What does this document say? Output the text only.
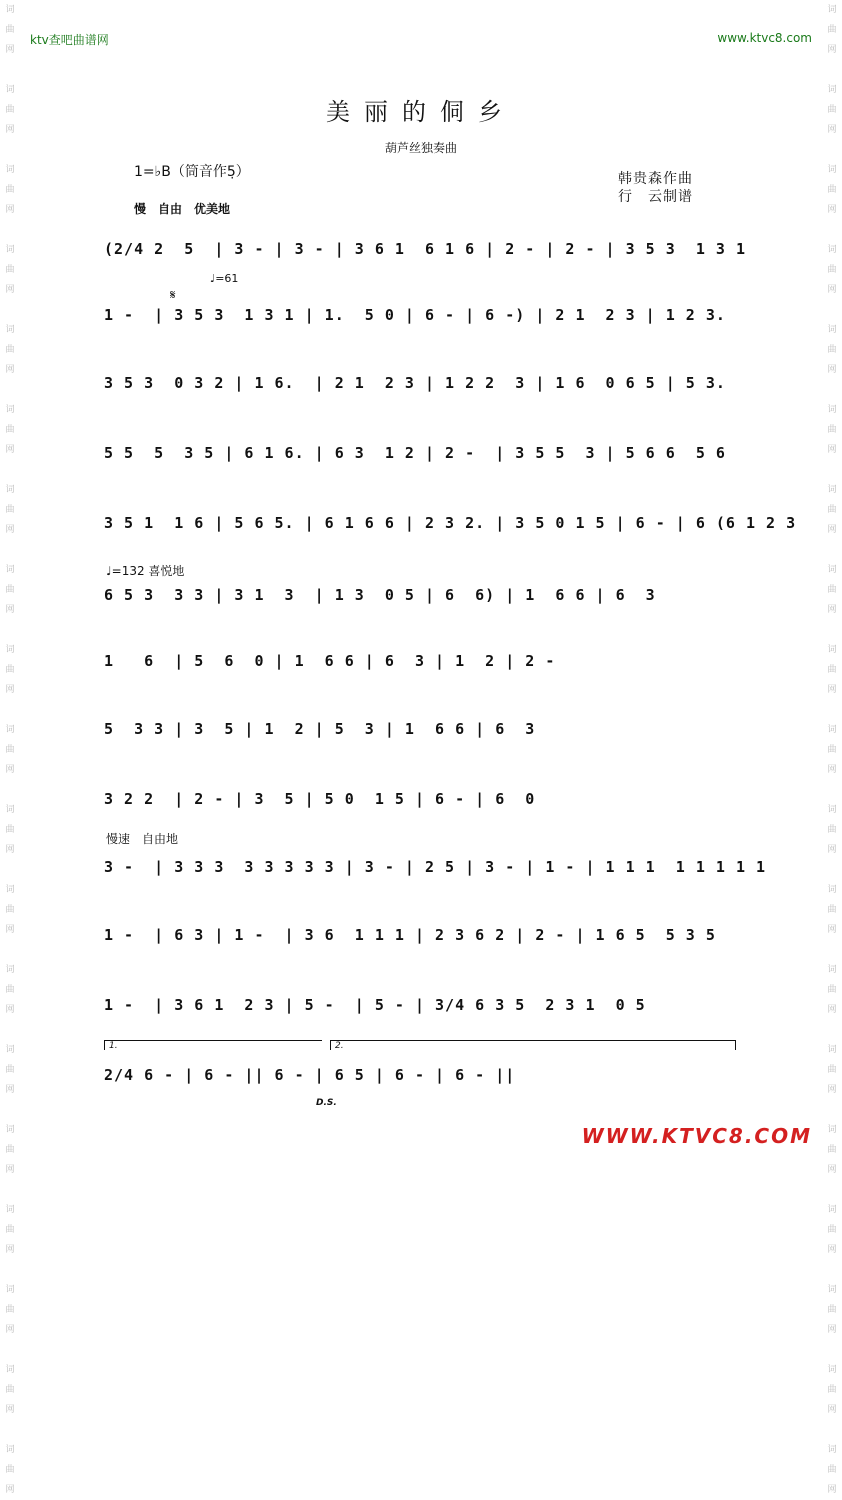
词
曲
网

词
曲
网

词
曲
网

词
曲
网

词
曲
网

词
曲
网

词
曲
网

词
曲
网

词
曲
网

词
曲
网

词
曲
网

词
曲
网

词
曲
网

词
曲
网

词
曲
网

词
曲
网

词
曲
网

词
曲
网

词
曲
网
词
曲
网

词
曲
网

词
曲
网

词
曲
网

词
曲
网

词
曲
网

词
曲
网

词
曲
网

词
曲
网

词
曲
网

词
曲
网

词
曲
网

词
曲
网

词
曲
网

词
曲
网

词
曲
网

词
曲
网

词
曲
网

词
曲
网
ktv查吧曲谱网	www.ktvc8.com
美丽的侗乡
葫芦丝独奏曲
1=♭B（筒音作5̣）	韩贵森作曲
行　云制谱
慢　自由　优美地
♩=61
𝄋
♩=132 喜悦地
慢速　自由地
(2/4 2  5  | 3 - | 3 - | 3 6 1  6 1 6 | 2 - | 2 - | 3 5 3  1 3 1
1 -  | 3 5 3  1 3 1 | 1.  5 0 | 6 - | 6 -) | 2 1  2 3 | 1 2 3.
3 5 3  0 3 2 | 1 6.  | 2 1  2 3 | 1 2 2  3 | 1 6  0 6 5 | 5 3.
5 5  5  3 5 | 6 1 6. | 6 3  1 2 | 2 -  | 3 5 5  3 | 5 6 6  5 6
3 5 1  1 6 | 5 6 5. | 6 1 6 6 | 2 3 2. | 3 5 0 1 5 | 6 - | 6 (6 1 2 3
6 5 3  3 3 | 3 1  3  | 1 3  0 5 | 6  6) | 1  6 6 | 6  3
1   6  | 5  6  0 | 1  6 6 | 6  3 | 1  2 | 2 -
5  3 3 | 3  5 | 1  2 | 5  3 | 1  6 6 | 6  3
3 2 2  | 2 - | 3  5 | 5 0  1 5 | 6 - | 6  0
3 -  | 3 3 3  3 3 3 3 3 | 3 - | 2 5 | 3 - | 1 - | 1 1 1  1 1 1 1 1
1 -  | 6 3 | 1 -  | 3 6  1 1 1 | 2 3 6 2 | 2 - | 1 6 5  5 3 5
1 -  | 3 6 1  2 3 | 5 -  | 5 - | 3/4 6 3 5  2 3 1  0 5
2/4 6 - | 6 - || 6 - | 6 5 | 6 - | 6 - ||
1.	2.
D.S.
WWW.KTVC8.COM
